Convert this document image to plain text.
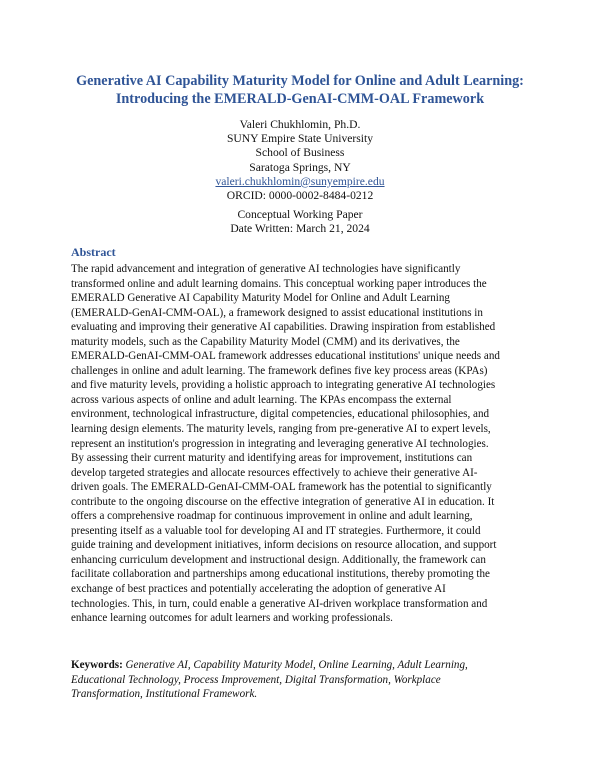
Generative AI Capability Maturity Model for Online and Adult Learning:
Introducing the EMERALD-GenAI-CMM-OAL Framework
Valeri Chukhlomin, Ph.D.
SUNY Empire State University
School of Business
Saratoga Springs, NY
valeri.chukhlomin@sunyempire.edu
ORCID: 0000-0002-8484-0212
Conceptual Working Paper
Date Written: March 21, 2024
Abstract
The rapid advancement and integration of generative AI technologies have significantly
transformed online and adult learning domains. This conceptual working paper introduces the
EMERALD Generative AI Capability Maturity Model for Online and Adult Learning
(EMERALD-GenAI-CMM-OAL), a framework designed to assist educational institutions in
evaluating and improving their generative AI capabilities. Drawing inspiration from established
maturity models, such as the Capability Maturity Model (CMM) and its derivatives, the
EMERALD-GenAI-CMM-OAL framework addresses educational institutions' unique needs and
challenges in online and adult learning. The framework defines five key process areas (KPAs)
and five maturity levels, providing a holistic approach to integrating generative AI technologies
across various aspects of online and adult learning. The KPAs encompass the external
environment, technological infrastructure, digital competencies, educational philosophies, and
learning design elements. The maturity levels, ranging from pre-generative AI to expert levels,
represent an institution's progression in integrating and leveraging generative AI technologies.
By assessing their current maturity and identifying areas for improvement, institutions can
develop targeted strategies and allocate resources effectively to achieve their generative AI-
driven goals. The EMERALD-GenAI-CMM-OAL framework has the potential to significantly
contribute to the ongoing discourse on the effective integration of generative AI in education. It
offers a comprehensive roadmap for continuous improvement in online and adult learning,
presenting itself as a valuable tool for developing AI and IT strategies. Furthermore, it could
guide training and development initiatives, inform decisions on resource allocation, and support
enhancing curriculum development and instructional design. Additionally, the framework can
facilitate collaboration and partnerships among educational institutions, thereby promoting the
exchange of best practices and potentially accelerating the adoption of generative AI
technologies. This, in turn, could enable a generative AI-driven workplace transformation and
enhance learning outcomes for adult learners and working professionals.
Keywords: Generative AI, Capability Maturity Model, Online Learning, Adult Learning,
Educational Technology, Process Improvement, Digital Transformation, Workplace
Transformation, Institutional Framework.
